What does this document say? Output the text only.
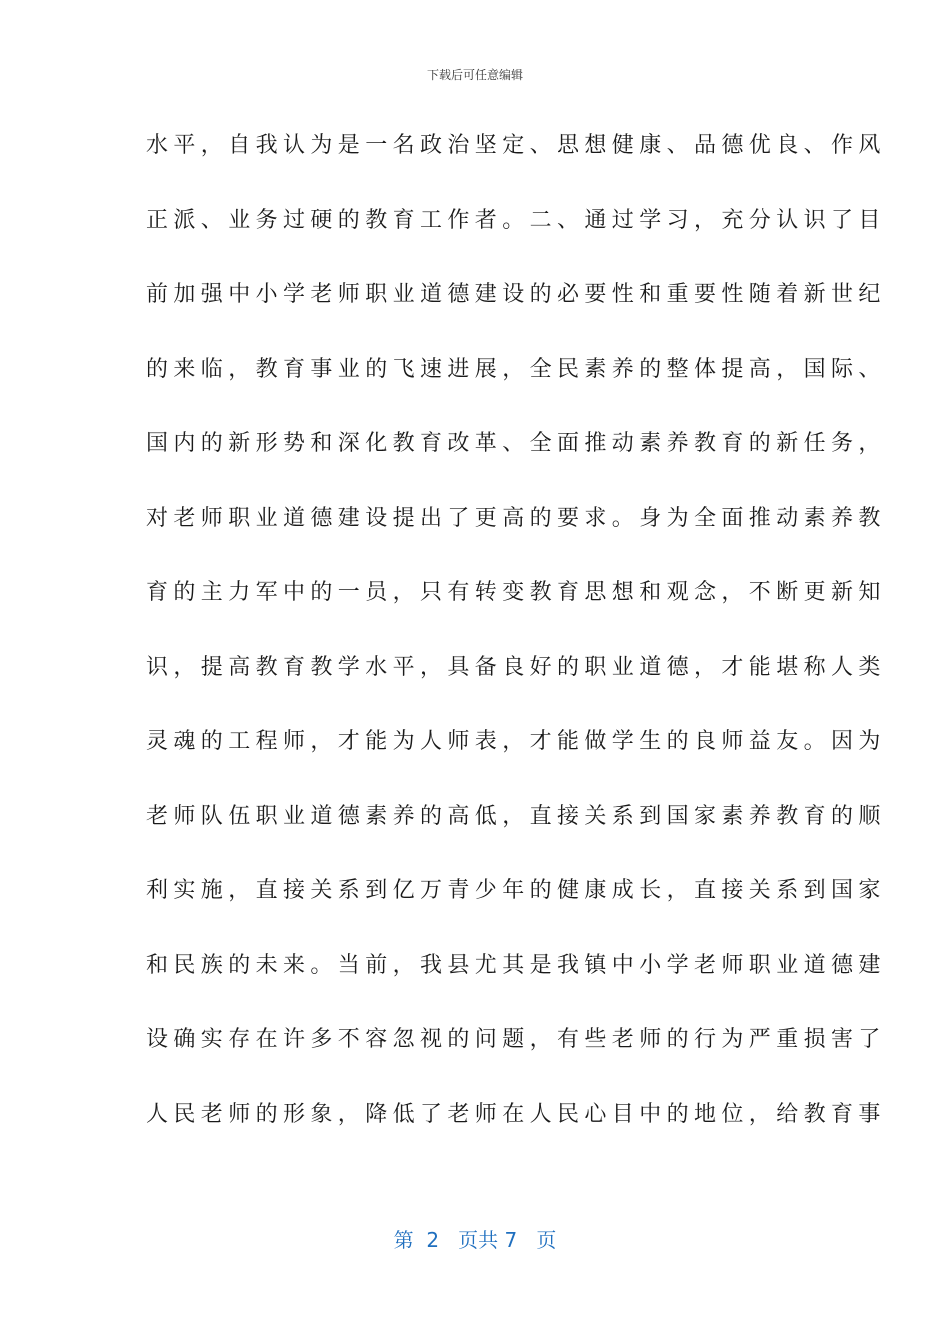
下载后可任意编辑
水平，自我认为是一名政治坚定、思想健康、品德优良、作风
正派、业务过硬的教育工作者。二、通过学习，充分认识了目
前加强中小学老师职业道德建设的必要性和重要性随着新世纪
的来临，教育事业的飞速进展，全民素养的整体提高，国际、
国内的新形势和深化教育改革、全面推动素养教育的新任务，
对老师职业道德建设提出了更高的要求。身为全面推动素养教
育的主力军中的一员，只有转变教育思想和观念，不断更新知
识，提高教育教学水平，具备良好的职业道德，才能堪称人类
灵魂的工程师，才能为人师表，才能做学生的良师益友。因为
老师队伍职业道德素养的高低，直接关系到国家素养教育的顺
利实施，直接关系到亿万青少年的健康成长，直接关系到国家
和民族的未来。当前，我县尤其是我镇中小学老师职业道德建
设确实存在许多不容忽视的问题，有些老师的行为严重损害了
人民老师的形象，降低了老师在人民心目中的地位，给教育事
第  2   页共 7   页
